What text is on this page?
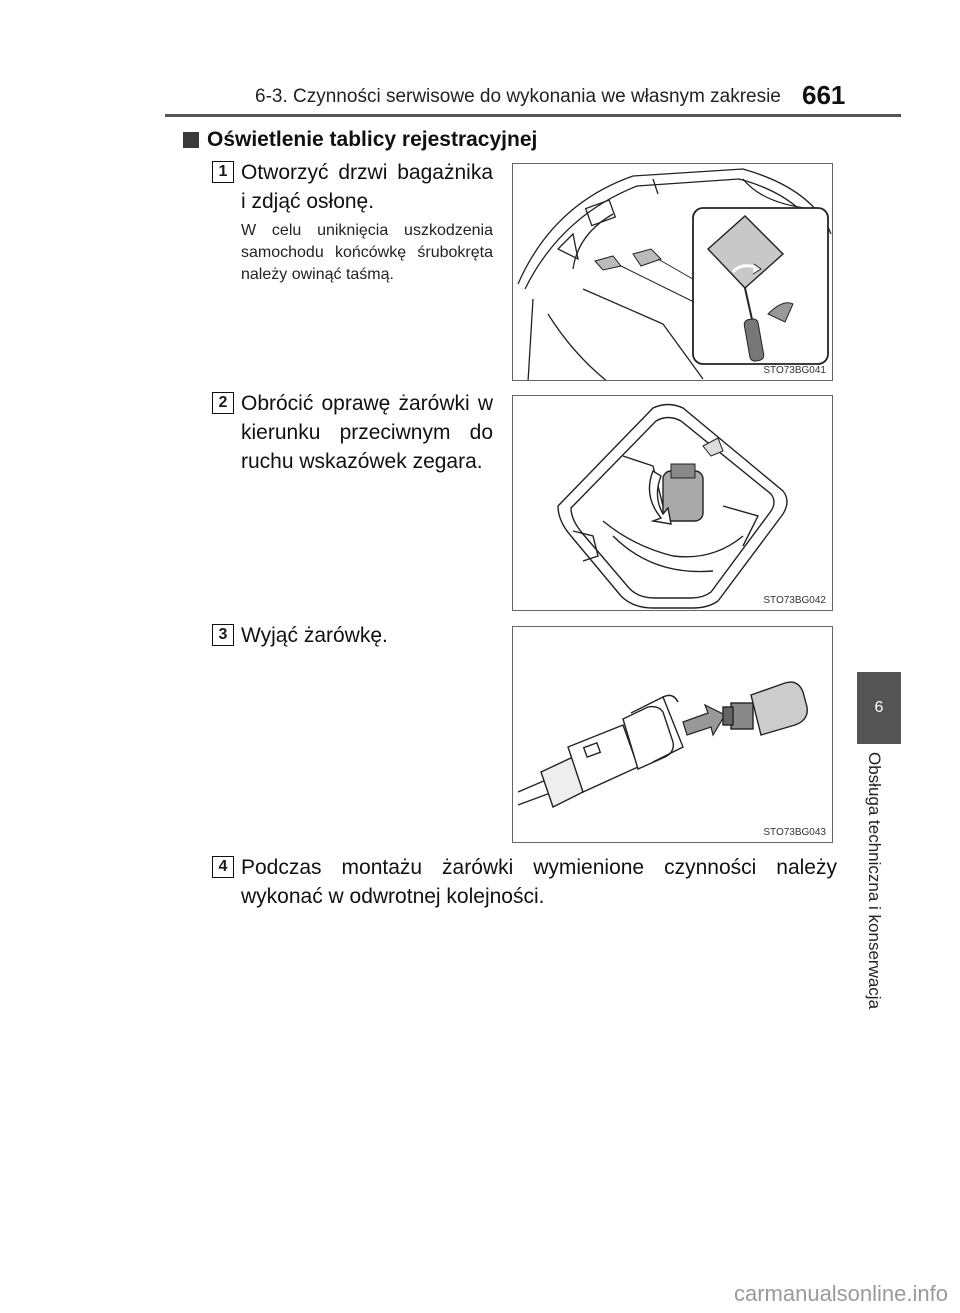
6-3. Czynności serwisowe do wykonania we własnym zakresie 661
Oświetlenie tablicy rejestracyjnej
1 Otworzyć drzwi bagażnika i zdjąć osłonę.
W celu uniknięcia uszkodzenia samochodu końcówkę śrubokręta należy owinąć taśmą.
STO73BG041
2 Obrócić oprawę żarówki w kierunku przeciwnym do ruchu wskazówek zegara.
STO73BG042
3 Wyjąć żarówkę.
STO73BG043
4 Podczas montażu żarówki wymienione czynności należy wykonać w odwrotnej kolejności.
6
Obsługa techniczna i konserwacja
carmanualsonline.info
